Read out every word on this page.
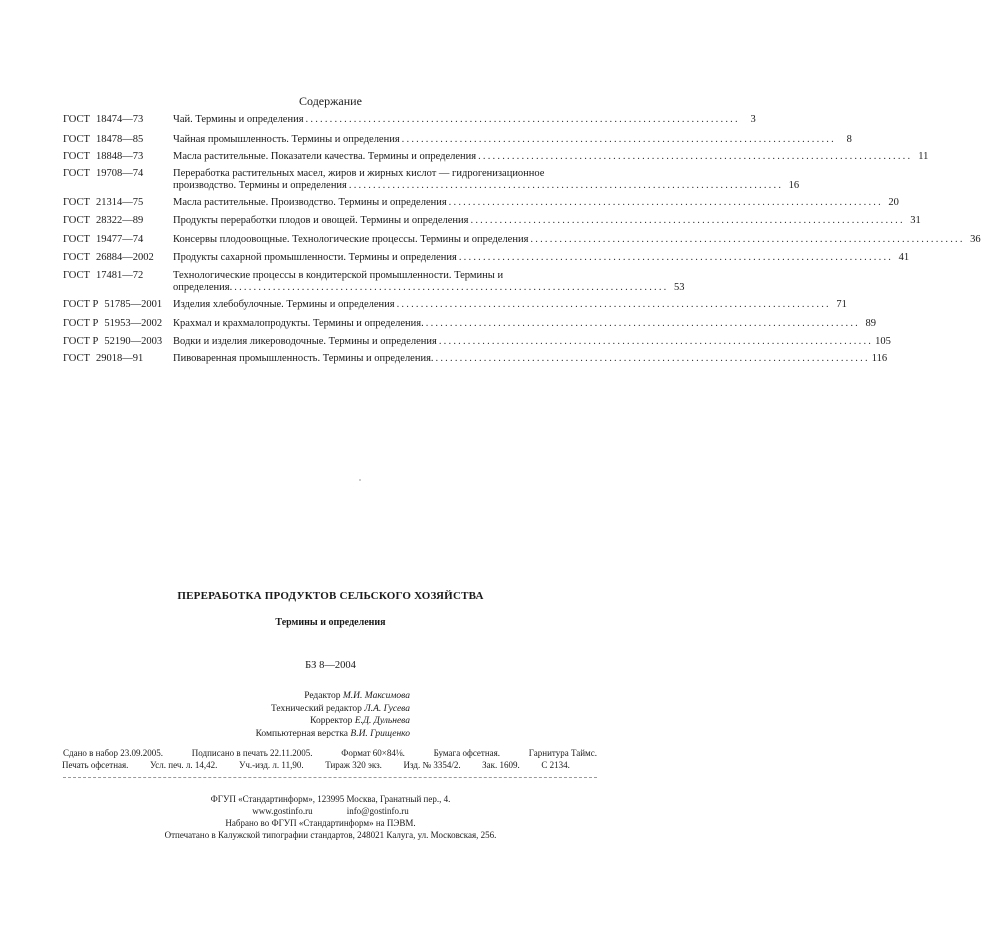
Содержание
ГОСТ 18474—73	Чай. Термины и определения ..........................................................................................	3
ГОСТ 18478—85	Чайная промышленность. Термины и определения ..........................................................................................	8
ГОСТ 18848—73	Масла растительные. Показатели качества. Термины и определения .......................................................................................... 11
ГОСТ 19708—74	Переработка растительных масел, жиров и жирных кислот — гидрогенизационное
производство. Термины и определения .......................................................................................... 16
ГОСТ 21314—75	Масла растительные. Производство. Термины и определения .......................................................................................... 20
ГОСТ 28322—89	Продукты переработки плодов и овощей. Термины и определения .......................................................................................... 31
ГОСТ 19477—74	Консервы плодоовощные. Технологические процессы. Термины и определения .......................................................................................... 36
ГОСТ 26884—2002	Продукты сахарной промышленности. Термины и определения .......................................................................................... 41
ГОСТ 17481—72	Технологические процессы в кондитерской промышленности. Термины и
определения. .......................................................................................... 53
ГОСТ Р 51785—2001	Изделия хлебобулочные. Термины и определения .......................................................................................... 71
ГОСТ Р 51953—2002	Крахмал и крахмалопродукты. Термины и определения. .......................................................................................... 89
ГОСТ Р 52190—2003	Водки и изделия ликероводочные. Термины и определения .......................................................................................... 105
ГОСТ 29018—91	Пивоваренная промышленность. Термины и определения. .......................................................................................... 116
ПЕРЕРАБОТКА ПРОДУКТОВ СЕЛЬСКОГО ХОЗЯЙСТВА
Термины и определения
БЗ 8—2004
Редактор М.И. Максимова
Технический редактор Л.А. Гусева
Корректор Е.Д. Дульнева
Компьютерная верстка В.И. Грищенко
Сдано в набор 23.09.2005.	Подписано в печать 22.11.2005.	Формат 60×84⅛.	Бумага офсетная.	Гарнитура Таймс.
Печать офсетная. Усл. печ. л. 14,42. Уч.-изд. л. 11,90. Тираж 320 экз. Изд. № 3354/2. Зак. 1609. С 2134.
ФГУП «Стандартинформ», 123995 Москва, Гранатный пер., 4.
www.gostinfo.ru	info@gostinfo.ru
Набрано во ФГУП «Стандартинформ» на ПЭВМ.
Отпечатано в Калужской типографии стандартов, 248021 Калуга, ул. Московская, 256.
